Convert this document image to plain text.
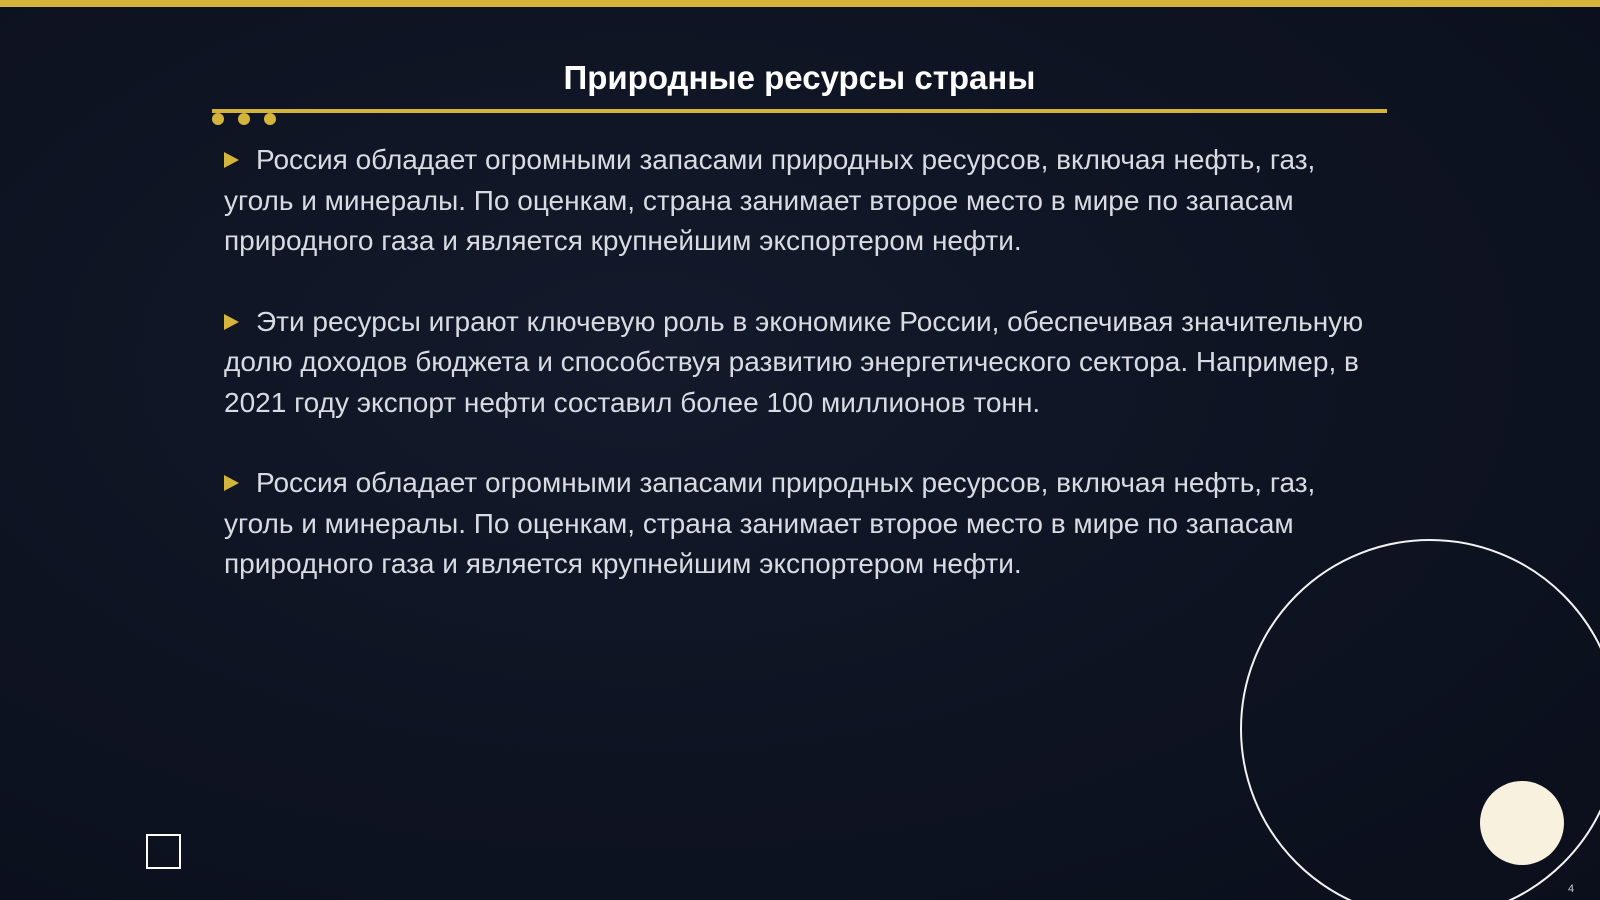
Природные ресурсы страны

Россия обладает огромными запасами природных ресурсов, включая нефть, газ, уголь и минералы. По оценкам, страна занимает второе место в мире по запасам природного газа и является крупнейшим экспортером нефти.

Эти ресурсы играют ключевую роль в экономике России, обеспечивая значительную долю доходов бюджета и способствуя развитию энергетического сектора. Например, в 2021 году экспорт нефти составил более 100 миллионов тонн.

Россия обладает огромными запасами природных ресурсов, включая нефть, газ, уголь и минералы. По оценкам, страна занимает второе место в мире по запасам природного газа и является крупнейшим экспортером нефти.

4
